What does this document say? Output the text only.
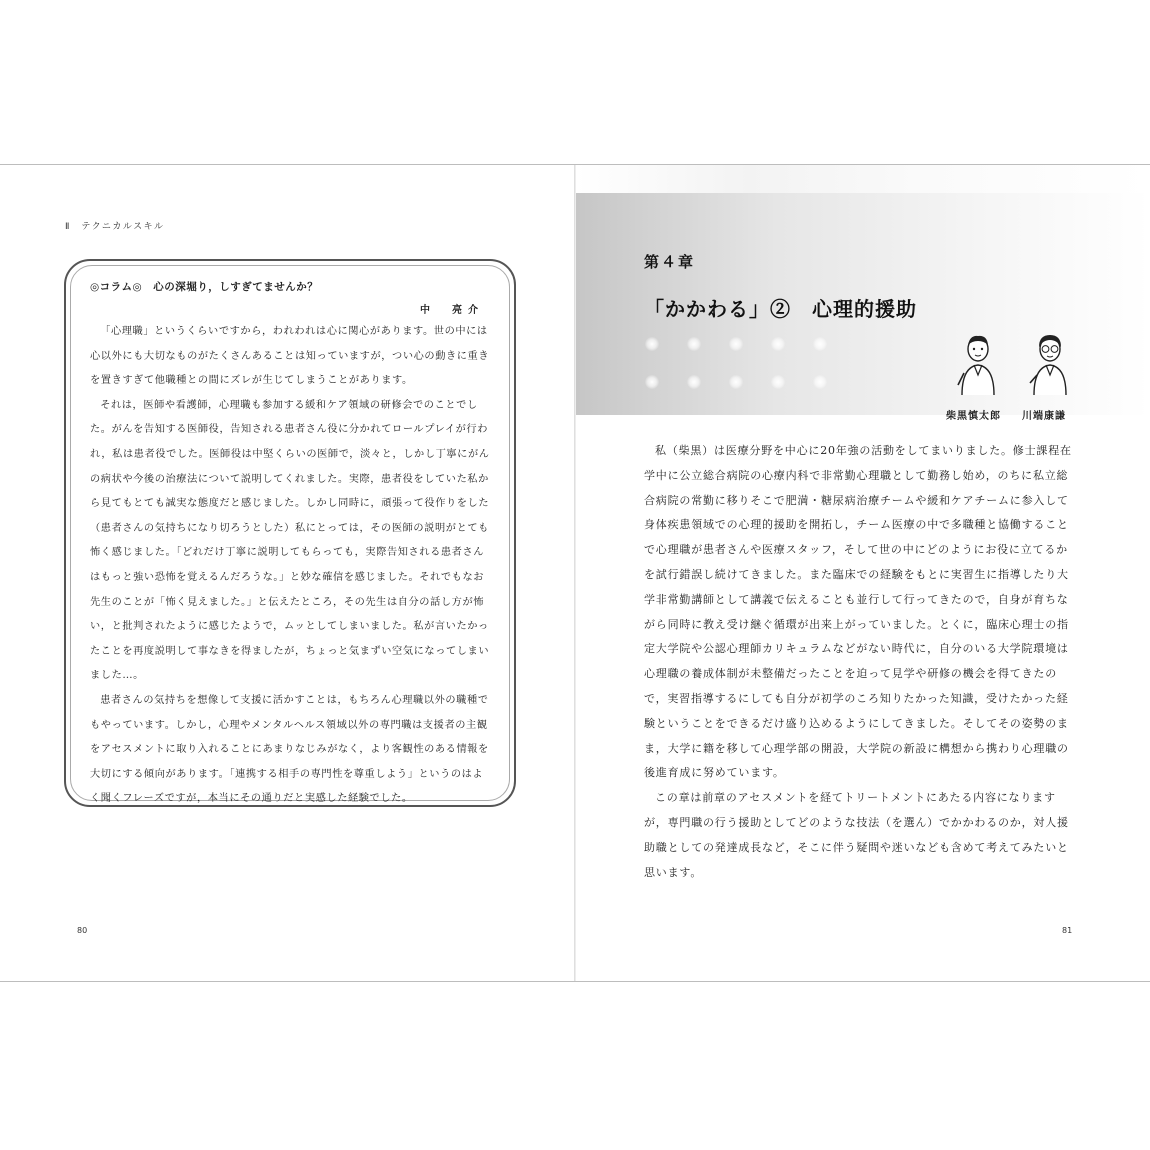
Ⅱ　テクニカルスキル
◎コラム◎　心の深堀り，しすぎてませんか？
中　亮介

「心理職」というくらいですから，われわれは心に関心があります。世の中には心以外にも大切なものがたくさんあることは知っていますが，つい心の動きに重きを置きすぎて他職種との間にズレが生じてしまうことがあります。

それは，医師や看護師，心理職も参加する緩和ケア領域の研修会でのことでした。がんを告知する医師役，告知される患者さん役に分かれてロールプレイが行われ，私は患者役でした。医師役は中堅くらいの医師で，淡々と，しかし丁寧にがんの病状や今後の治療法について説明してくれました。実際，患者役をしていた私から見てもとても誠実な態度だと感じました。しかし同時に，頑張って役作りをした（患者さんの気持ちになり切ろうとした）私にとっては，その医師の説明がとても怖く感じました。「どれだけ丁寧に説明してもらっても，実際告知される患者さんはもっと強い恐怖を覚えるんだろうな。」と妙な確信を感じました。それでもなお先生のことが「怖く見えました。」と伝えたところ，その先生は自分の話し方が怖い，と批判されたように感じたようで，ムッとしてしまいました。私が言いたかったことを再度説明して事なきを得ましたが，ちょっと気まずい空気になってしまいました…。

患者さんの気持ちを想像して支援に活かすことは，もちろん心理職以外の職種でもやっています。しかし，心理やメンタルヘルス領域以外の専門職は支援者の主観をアセスメントに取り入れることにあまりなじみがなく，より客観性のある情報を大切にする傾向があります。「連携する相手の専門性を尊重しよう」というのはよく聞くフレーズですが，本当にその通りだと実感した経験でした。

80
第４章
「かかわる」②　心理的援助
柴黒慎太郎 川端康謙

私（柴黒）は医療分野を中心に20年強の活動をしてまいりました。修士課程在学中に公立総合病院の心療内科で非常勤心理職として勤務し始め，のちに私立総合病院の常勤に移りそこで肥満・糖尿病治療チームや緩和ケアチームに参入して身体疾患領域での心理的援助を開拓し，チーム医療の中で多職種と協働することで心理職が患者さんや医療スタッフ，そして世の中にどのようにお役に立てるかを試行錯誤し続けてきました。また臨床での経験をもとに実習生に指導したり大学非常勤講師として講義で伝えることも並行して行ってきたので，自身が育ちながら同時に教え受け継ぐ循環が出来上がっていました。とくに，臨床心理士の指定大学院や公認心理師カリキュラムなどがない時代に，自分のいる大学院環境は心理職の養成体制が未整備だったことを迫って見学や研修の機会を得てきたので，実習指導するにしても自分が初学のころ知りたかった知識，受けたかった経験ということをできるだけ盛り込めるようにしてきました。そしてその姿勢のまま，大学に籍を移して心理学部の開設，大学院の新設に構想から携わり心理職の後進育成に努めています。

この章は前章のアセスメントを経てトリートメントにあたる内容になりますが，専門職の行う援助としてどのような技法（を選ん）でかかわるのか，対人援助職としての発達成長など，そこに伴う疑問や迷いなども含めて考えてみたいと思います。

81
